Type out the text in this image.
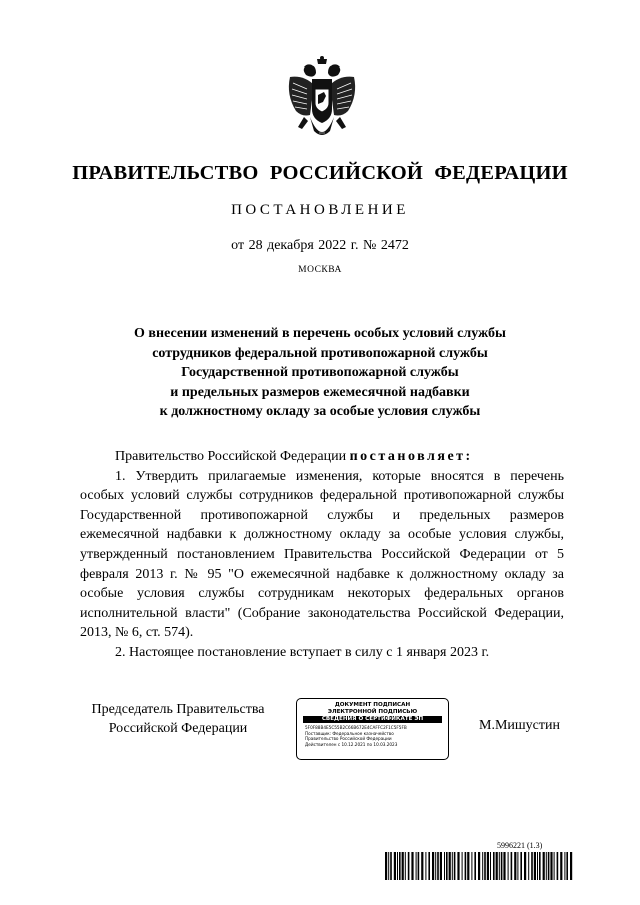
ПРАВИТЕЛЬСТВО РОССИЙСКОЙ ФЕДЕРАЦИИ
ПОСТАНОВЛЕНИЕ
от 28 декабря 2022 г. № 2472
МОСКВА
О внесении изменений в перечень особых условий службы
сотрудников федеральной противопожарной службы
Государственной противопожарной службы
и предельных размеров ежемесячной надбавки
к должностному окладу за особые условия службы

Правительство Российской Федерации постановляет:

1. Утвердить прилагаемые изменения, которые вносятся в перечень особых условий службы сотрудников федеральной противопожарной службы Государственной противопожарной службы и предельных размеров ежемесячной надбавки к должностному окладу за особые условия службы, утвержденный постановлением Правительства Российской Федерации от 5 февраля 2013 г. № 95 "О ежемесячной надбавке к должностному окладу за особые условия службы сотрудникам некоторых федеральных органов исполнительной власти" (Собрание законодательства Российской Федерации, 2013, № 6, ст. 574).

2. Настоящее постановление вступает в силу с 1 января 2023 г.

Председатель Правительства
Российской Федерации
ДОКУМЕНТ ПОДПИСАН
ЭЛЕКТРОННОЙ ПОДПИСЬЮ
СВЕДЕНИЯ О СЕРТИФИКАТЕ ЭП
5F0F88B4E5C55B2C66B672E4CAFFC2F1C5F5FB
Поставщик: Федеральное казначейство
Правительство Российской Федерации
Действителен с 10.12.2021 по 10.03.2023
М.Мишустин
5996221 (1.3)
